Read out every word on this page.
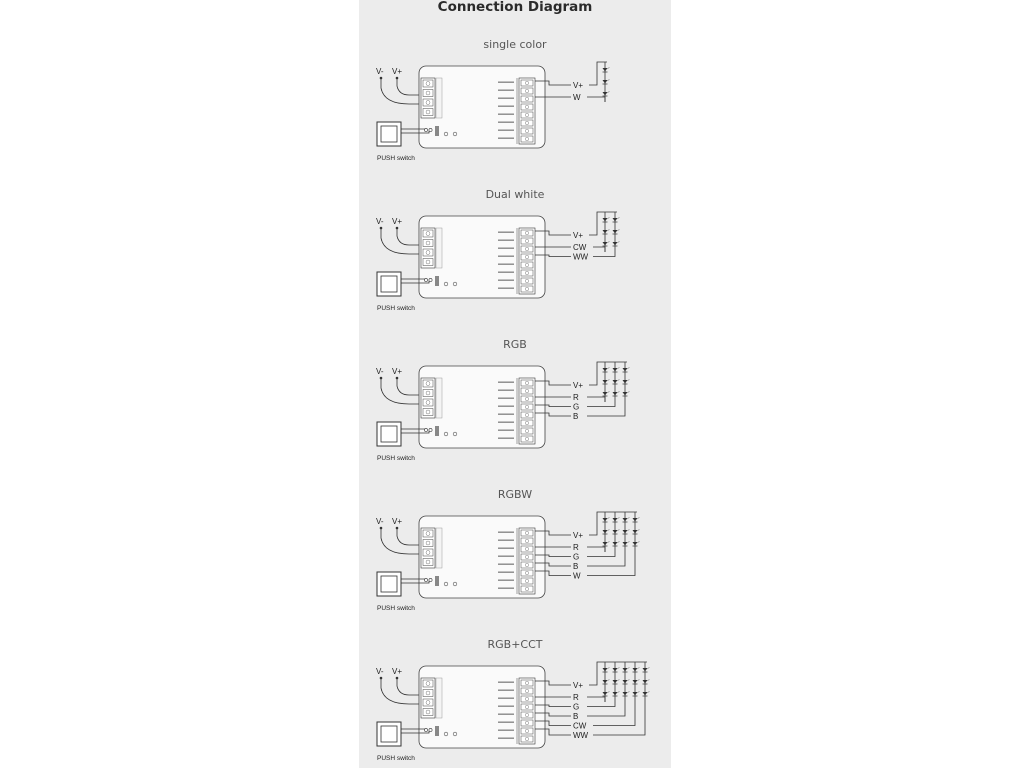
Connection Diagram
single color
V- V+
PUSH switch
V+
W
Dual white
V- V+
PUSH switch
V+
CW
WW
RGB
V- V+
PUSH switch
V+
R
G
B
RGBW
V- V+
PUSH switch
V+
R
G
B
W
RGB+CCT
V- V+
PUSH switch
V+
R
G
B
CW
WW
